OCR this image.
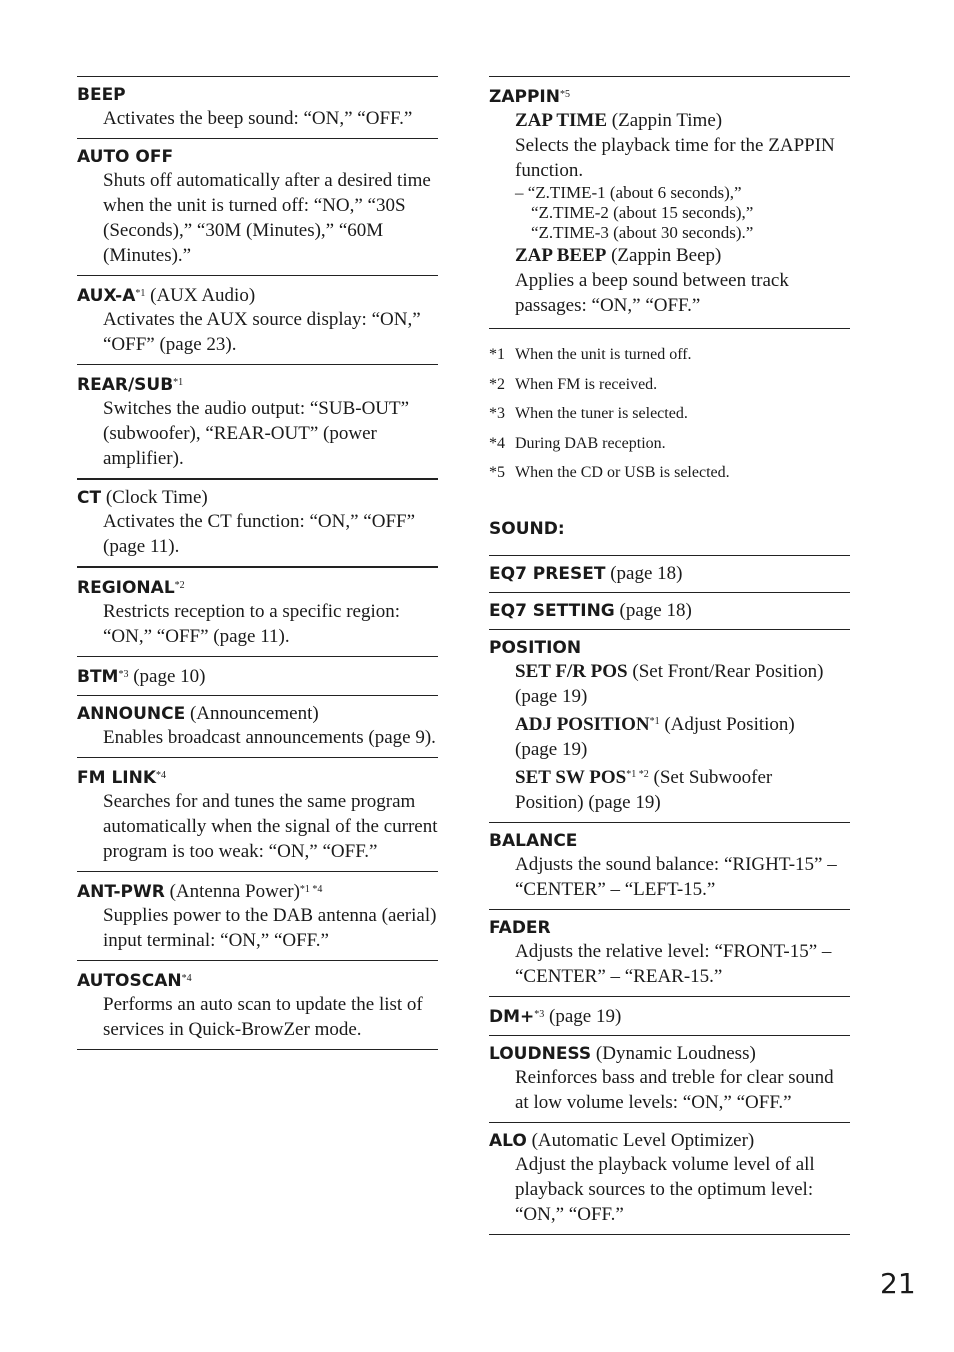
BEEP
Activates the beep sound: “ON,” “OFF.”
AUTO OFF
Shuts off automatically after a desired time when the unit is turned off: “NO,” “30S (Seconds),” “30M (Minutes),” “60M (Minutes).”
AUX-$A^{*1}$ (AUX Audio)
Activates the AUX source display: “ON,” “OFF” (page 23).
REAR/SUB$^{*1}$
Switches the audio output: “SUB-OUT” (subwoofer), “REAR-OUT” (power amplifier).
CT (Clock Time)
Activates the CT function: “ON,” “OFF” (page 11).
REGIONAL$^{*2}$
Restricts reception to a specific region: “ON,” “OFF” (page 11).
BTM$^{*3}$ (page 10)
ANNOUNCE (Announcement)
Enables broadcast announcements (page 9).
FM LINK$^{*4}$
Searches for and tunes the same program automatically when the signal of the current program is too weak: “ON,” “OFF.”
ANT-PWR (Antenna Power)$^{*1 *4}$
Supplies power to the DAB antenna (aerial) input terminal: “ON,” “OFF.”
AUTOSCAN$^{*4}$
Performs an auto scan to update the list of services in Quick-BrowZer mode.
ZAPPIN$^{*5}$
ZAP TIME (Zappin Time)
Selects the playback time for the ZAPPIN function.
– “Z.TIME-1 (about 6 seconds),”
“Z.TIME-2 (about 15 seconds),”
“Z.TIME-3 (about 30 seconds).”
ZAP BEEP (Zappin Beep)
Applies a beep sound between track passages: “ON,” “OFF.”
*1 When the unit is turned off.
*2 When FM is received.
*3 When the tuner is selected.
*4 During DAB reception.
*5 When the CD or USB is selected.
SOUND:
EQ7 PRESET (page 18)
EQ7 SETTING (page 18)
POSITION
SET F/R POS (Set Front/Rear Position)
(page 19)
ADJ POSITION$^{*1}$ (Adjust Position)
(page 19)
SET SW $POS^{*1 *2}$ (Set Subwoofer
Position) (page 19)
BALANCE
Adjusts the sound balance: “RIGHT-15” – “CENTER” – “LEFT-15.”
FADER
Adjusts the relative level: “FRONT-15” – “CENTER” – “REAR-15.”
DM+$^{*3}$ (page 19)
LOUDNESS (Dynamic Loudness)
Reinforces bass and treble for clear sound at low volume levels: “ON,” “OFF.”
ALO (Automatic Level Optimizer)
Adjust the playback volume level of all playback sources to the optimum level: “ON,” “OFF.”
21
